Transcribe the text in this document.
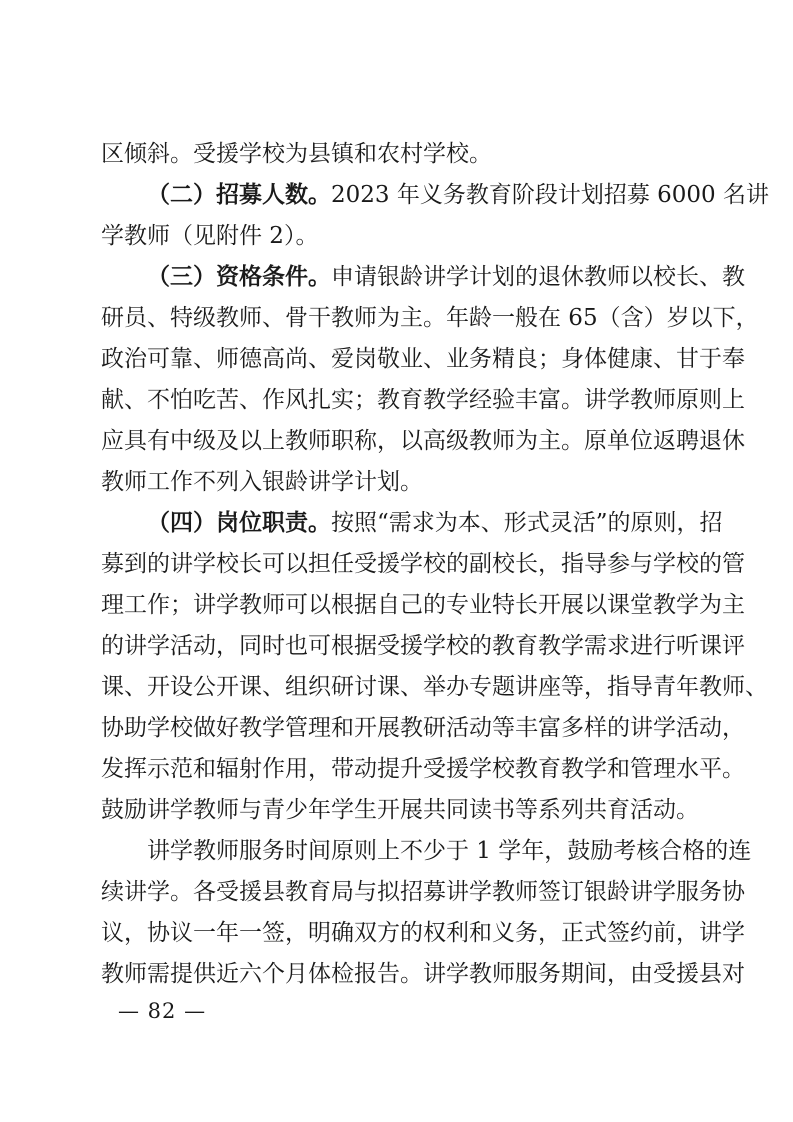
区倾斜。受援学校为县镇和农村学校。
（二）招募人数。2023 年义务教育阶段计划招募 6000 名讲
学教师（见附件 2）。
（三）资格条件。申请银龄讲学计划的退休教师以校长、教
研员、特级教师、骨干教师为主。年龄一般在 65（含）岁以下，
政治可靠、师德高尚、爱岗敬业、业务精良；身体健康、甘于奉
献、不怕吃苦、作风扎实；教育教学经验丰富。讲学教师原则上
应具有中级及以上教师职称，以高级教师为主。原单位返聘退休
教师工作不列入银龄讲学计划。
（四）岗位职责。按照“需求为本、形式灵活”的原则，招
募到的讲学校长可以担任受援学校的副校长，指导参与学校的管
理工作；讲学教师可以根据自己的专业特长开展以课堂教学为主
的讲学活动，同时也可根据受援学校的教育教学需求进行听课评
课、开设公开课、组织研讨课、举办专题讲座等，指导青年教师、
协助学校做好教学管理和开展教研活动等丰富多样的讲学活动，
发挥示范和辐射作用，带动提升受援学校教育教学和管理水平。
鼓励讲学教师与青少年学生开展共同读书等系列共育活动。
讲学教师服务时间原则上不少于 1 学年，鼓励考核合格的连
续讲学。各受援县教育局与拟招募讲学教师签订银龄讲学服务协
议，协议一年一签，明确双方的权利和义务，正式签约前，讲学
教师需提供近六个月体检报告。讲学教师服务期间，由受援县对
— 82 —
